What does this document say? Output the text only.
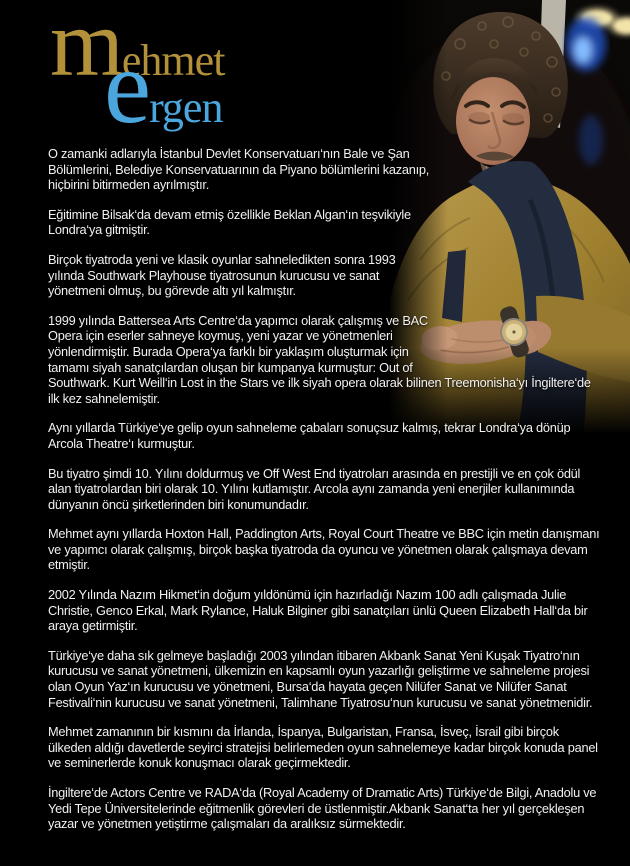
mehmet
ergen

O zamanki adlarıyla İstanbul Devlet Konservatuarı‘nın Bale ve Şan Bölümlerini, Belediye Konservatuarının da Piyano bölümlerini kazanıp, hiçbirini bitirmeden ayrılmıştır.

Eğitimine Bilsak‘da devam etmiş özellikle Beklan Algan‘ın teşvikiyle Londra‘ya gitmiştir.

Birçok tiyatroda yeni ve klasik oyunlar sahneledikten sonra 1993 yılında Southwark Playhouse tiyatrosunun kurucusu ve sanat yönetmeni olmuş, bu görevde altı yıl kalmıştır.

1999 yılında Battersea Arts Centre‘da yapımcı olarak çalışmış ve BAC Opera için eserler sahneye koymuş, yeni yazar ve yönetmenleri yönlendirmiştir. Burada Opera‘ya farklı bir yaklaşım oluşturmak için tamamı siyah sanatçılardan oluşan bir kumpanya kurmuştur: Out of Southwark. Kurt Weill‘in Lost in the Stars ve ilk siyah opera olarak bilinen Treemonisha‘yı İngiltere‘de ilk kez sahnelemiştir.

Aynı yıllarda Türkiye‘ye gelip oyun sahneleme çabaları sonuçsuz kalmış, tekrar Londra‘ya dönüp Arcola Theatre‘ı kurmuştur.

Bu tiyatro şimdi 10. Yılını doldurmuş ve Off West End tiyatroları arasında en prestijli ve en çok ödül alan tiyatrolardan biri olarak 10. Yılını kutlamıştır. Arcola aynı zamanda yeni enerjiler kullanımında dünyanın öncü şirketlerinden biri konumundadır.

Mehmet aynı yıllarda Hoxton Hall, Paddington Arts, Royal Court Theatre ve BBC için metin danışmanı ve yapımcı olarak çalışmış, birçok başka tiyatroda da oyuncu ve yönetmen olarak çalışmaya devam etmiştir.

2002 Yılında Nazım Hikmet‘in doğum yıldönümü için hazırladığı Nazım 100 adlı çalışmada Julie Christie, Genco Erkal, Mark Rylance, Haluk Bilginer gibi sanatçıları ünlü Queen Elizabeth Hall‘da bir araya getirmiştir.

Türkiye‘ye daha sık gelmeye başladığı 2003 yılından itibaren Akbank Sanat Yeni Kuşak Tiyatro‘nın kurucusu ve sanat yönetmeni, ülkemizin en kapsamlı oyun yazarlığı geliştirme ve sahneleme projesi olan Oyun Yaz‘ın kurucusu ve yönetmeni, Bursa‘da hayata geçen Nilüfer Sanat ve Nilüfer Sanat Festivali‘nin kurucusu ve sanat yönetmeni, Talimhane Tiyatrosu‘nun kurucusu ve sanat yönetmenidir.

Mehmet zamanının bir kısmını da İrlanda, İspanya, Bulgaristan, Fransa, İsveç, İsrail gibi birçok ülkeden aldığı davetlerde seyirci stratejisi belirlemeden oyun sahnelemeye kadar birçok konuda panel ve seminerlerde konuk konuşmacı olarak geçirmektedir.

İngiltere‘de Actors Centre ve RADA‘da (Royal Academy of Dramatic Arts) Türkiye‘de Bilgi, Anadolu ve Yedi Tepe Üniversitelerinde eğitmenlik görevleri de üstlenmiştir.Akbank Sanat‘ta her yıl gerçekleşen yazar ve yönetmen yetiştirme çalışmaları da aralıksız sürmektedir.
